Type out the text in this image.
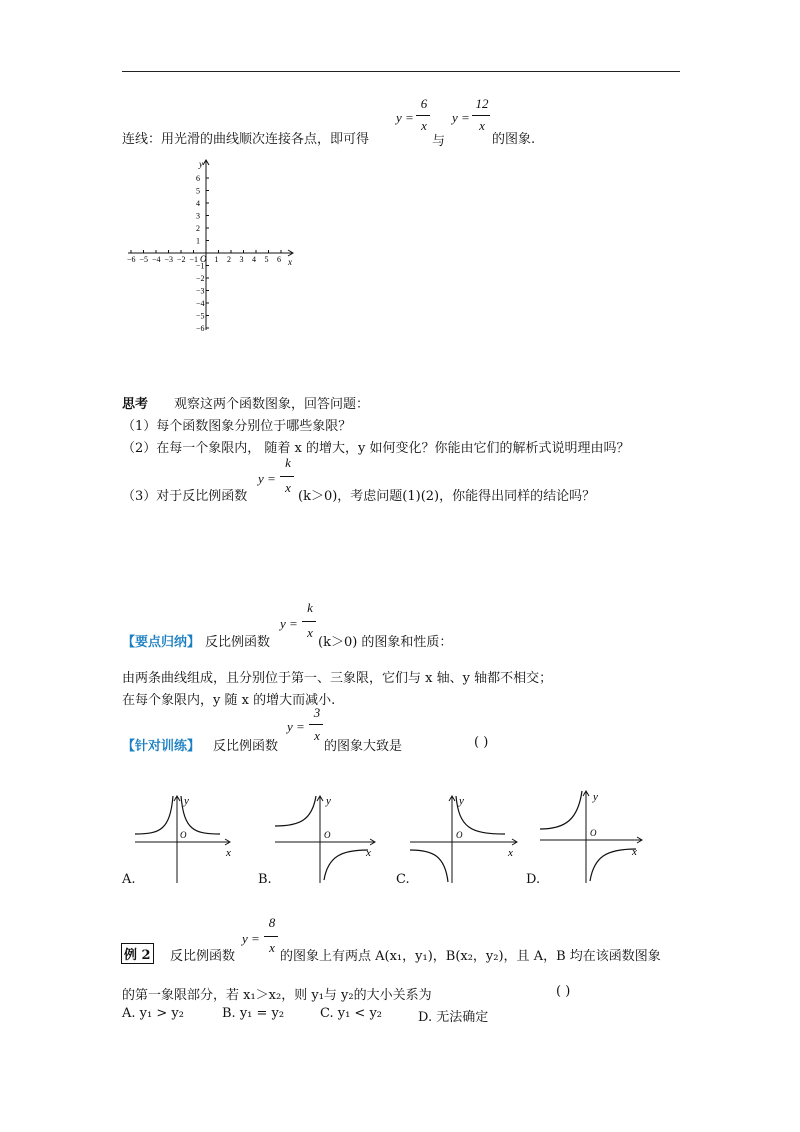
连线：用光滑的曲线顺次连接各点，即可得
y =
6
x
与
y =
12
x
的图象.
x
y
O
−6 −5 −4 −3 −2 −1 1 2 3 4 5 6
6
5
4
3
2
1
−1
−2
−3
−4
−5
−6
思考 观察这两个函数图象，回答问题：
（1）每个函数图象分别位于哪些象限？
（2）在每一个象限内， 随着 x 的增大，y 如何变化？你能由它们的解析式说明理由吗？
（3）对于反比例函数
y =
k
x
(k＞0)，考虑问题(1)(2)，你能得出同样的结论吗？
【要点归纳】 反比例函数
y =
k
x
(k＞0) 的图象和性质：
由两条曲线组成，且分别位于第一、三象限，它们与 x 轴、y 轴都不相交；
在每个象限内，y 随 x 的增大而减小.
【针对训练】 反比例函数
y =
3
x
的图象大致是	( )
x
y
O
A.
x
y
O
B.
x
y
O
C.
x
y
O
D.
例 2 反比例函数
y =
8
x
的图象上有两点 A(x₁，y₁)，B(x₂，y₂)，且 A，B 均在该函数图象
的第一象限部分，若 x₁＞x₂，则 y₁与 y₂的大小关系为	( )
A. y₁ > y₂	B. y₁ = y₂	C. y₁ < y₂	D. 无法确定
